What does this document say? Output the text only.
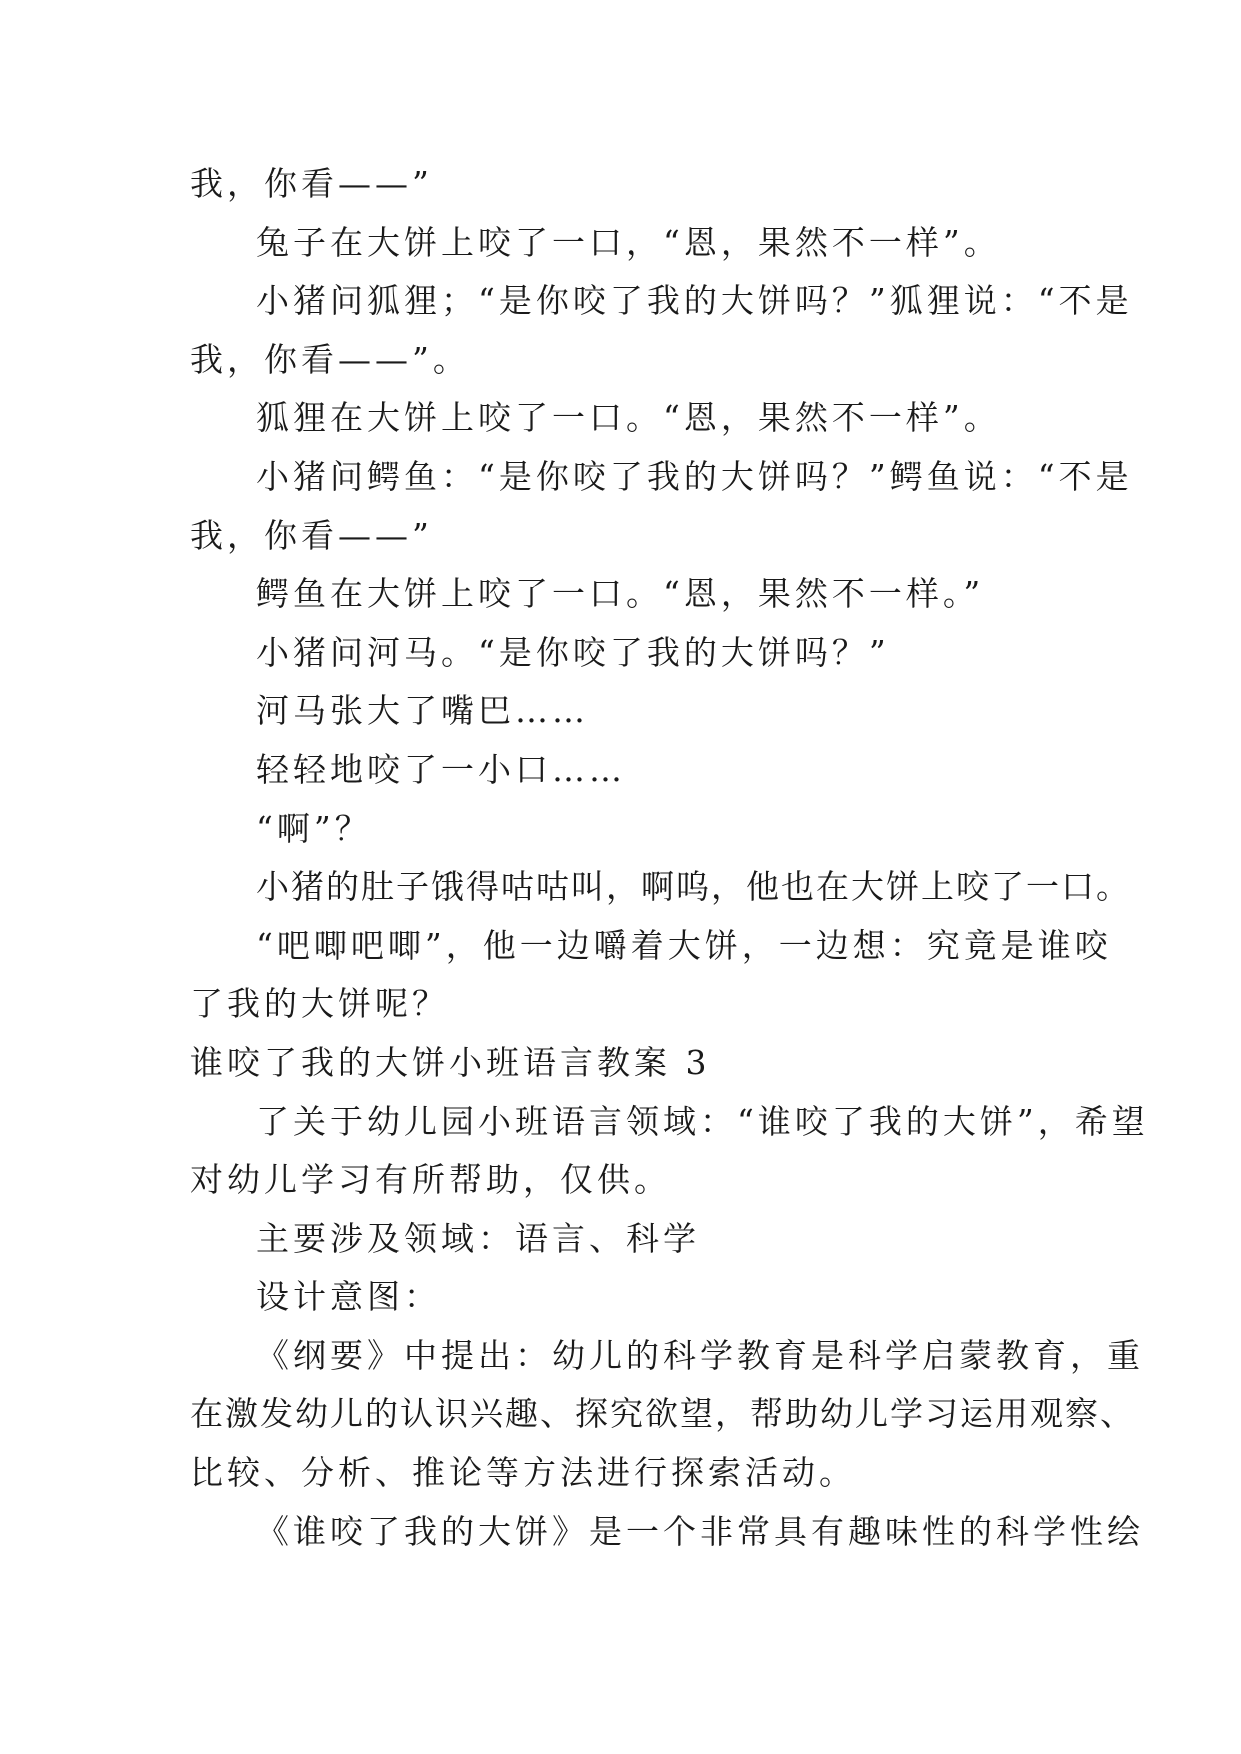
我，你看——”
兔子在大饼上咬了一口，“恩，果然不一样”。
小猪问狐狸；“是你咬了我的大饼吗？”狐狸说：“不是
我，你看——”。
狐狸在大饼上咬了一口。“恩，果然不一样”。
小猪问鳄鱼：“是你咬了我的大饼吗？”鳄鱼说：“不是
我，你看——”
鳄鱼在大饼上咬了一口。“恩，果然不一样。”
小猪问河马。“是你咬了我的大饼吗？”
河马张大了嘴巴……
轻轻地咬了一小口……
“啊”？
小猪的肚子饿得咕咕叫，啊呜，他也在大饼上咬了一口。
“吧唧吧唧”，他一边嚼着大饼，一边想：究竟是谁咬
了我的大饼呢？
谁咬了我的大饼小班语言教案 3
了关于幼儿园小班语言领域：“谁咬了我的大饼”，希望
对幼儿学习有所帮助，仅供。
主要涉及领域：语言、科学
设计意图：
《纲要》中提出：幼儿的科学教育是科学启蒙教育，重
在激发幼儿的认识兴趣、探究欲望，帮助幼儿学习运用观察、
比较、分析、推论等方法进行探索活动。
《谁咬了我的大饼》是一个非常具有趣味性的科学性绘
